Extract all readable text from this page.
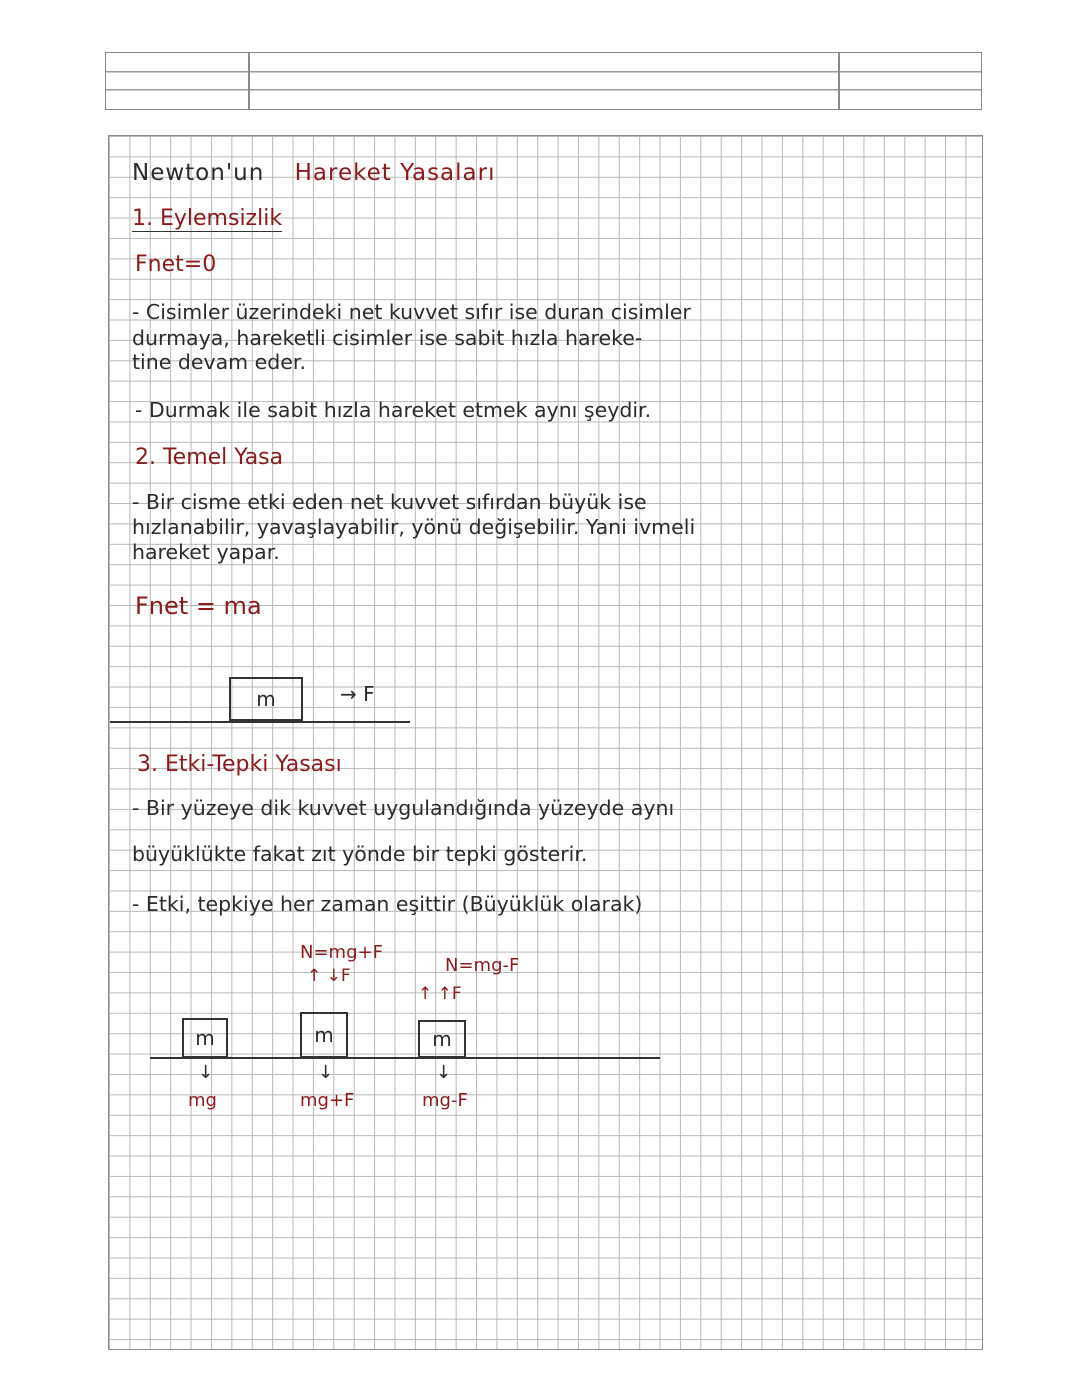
Newton'un Hareket Yasaları
1. Eylemsizlik
Fnet=0
- Cisimler üzerindeki net kuvvet sıfır ise duran cisimler
durmaya, hareketli cisimler ise sabit hızla hareke-
tine devam eder.
- Durmak ile sabit hızla hareket etmek aynı şeydir.
2. Temel Yasa
- Bir cisme etki eden net kuvvet sıfırdan büyük ise
hızlanabilir, yavaşlayabilir, yönü değişebilir. Yani ivmeli
hareket yapar.
Fnet = ma
m	→ F
3. Etki-Tepki Yasası
- Bir yüzeye dik kuvvet uygulandığında yüzeyde aynı
büyüklükte fakat zıt yönde bir tepki gösterir.
- Etki, tepkiye her zaman eşittir (Büyüklük olarak)
N=mg+F
↑ ↓F	N=mg-F
↑ ↑F
m	m	m
↓	↓	↓
mg	mg+F	mg-F
